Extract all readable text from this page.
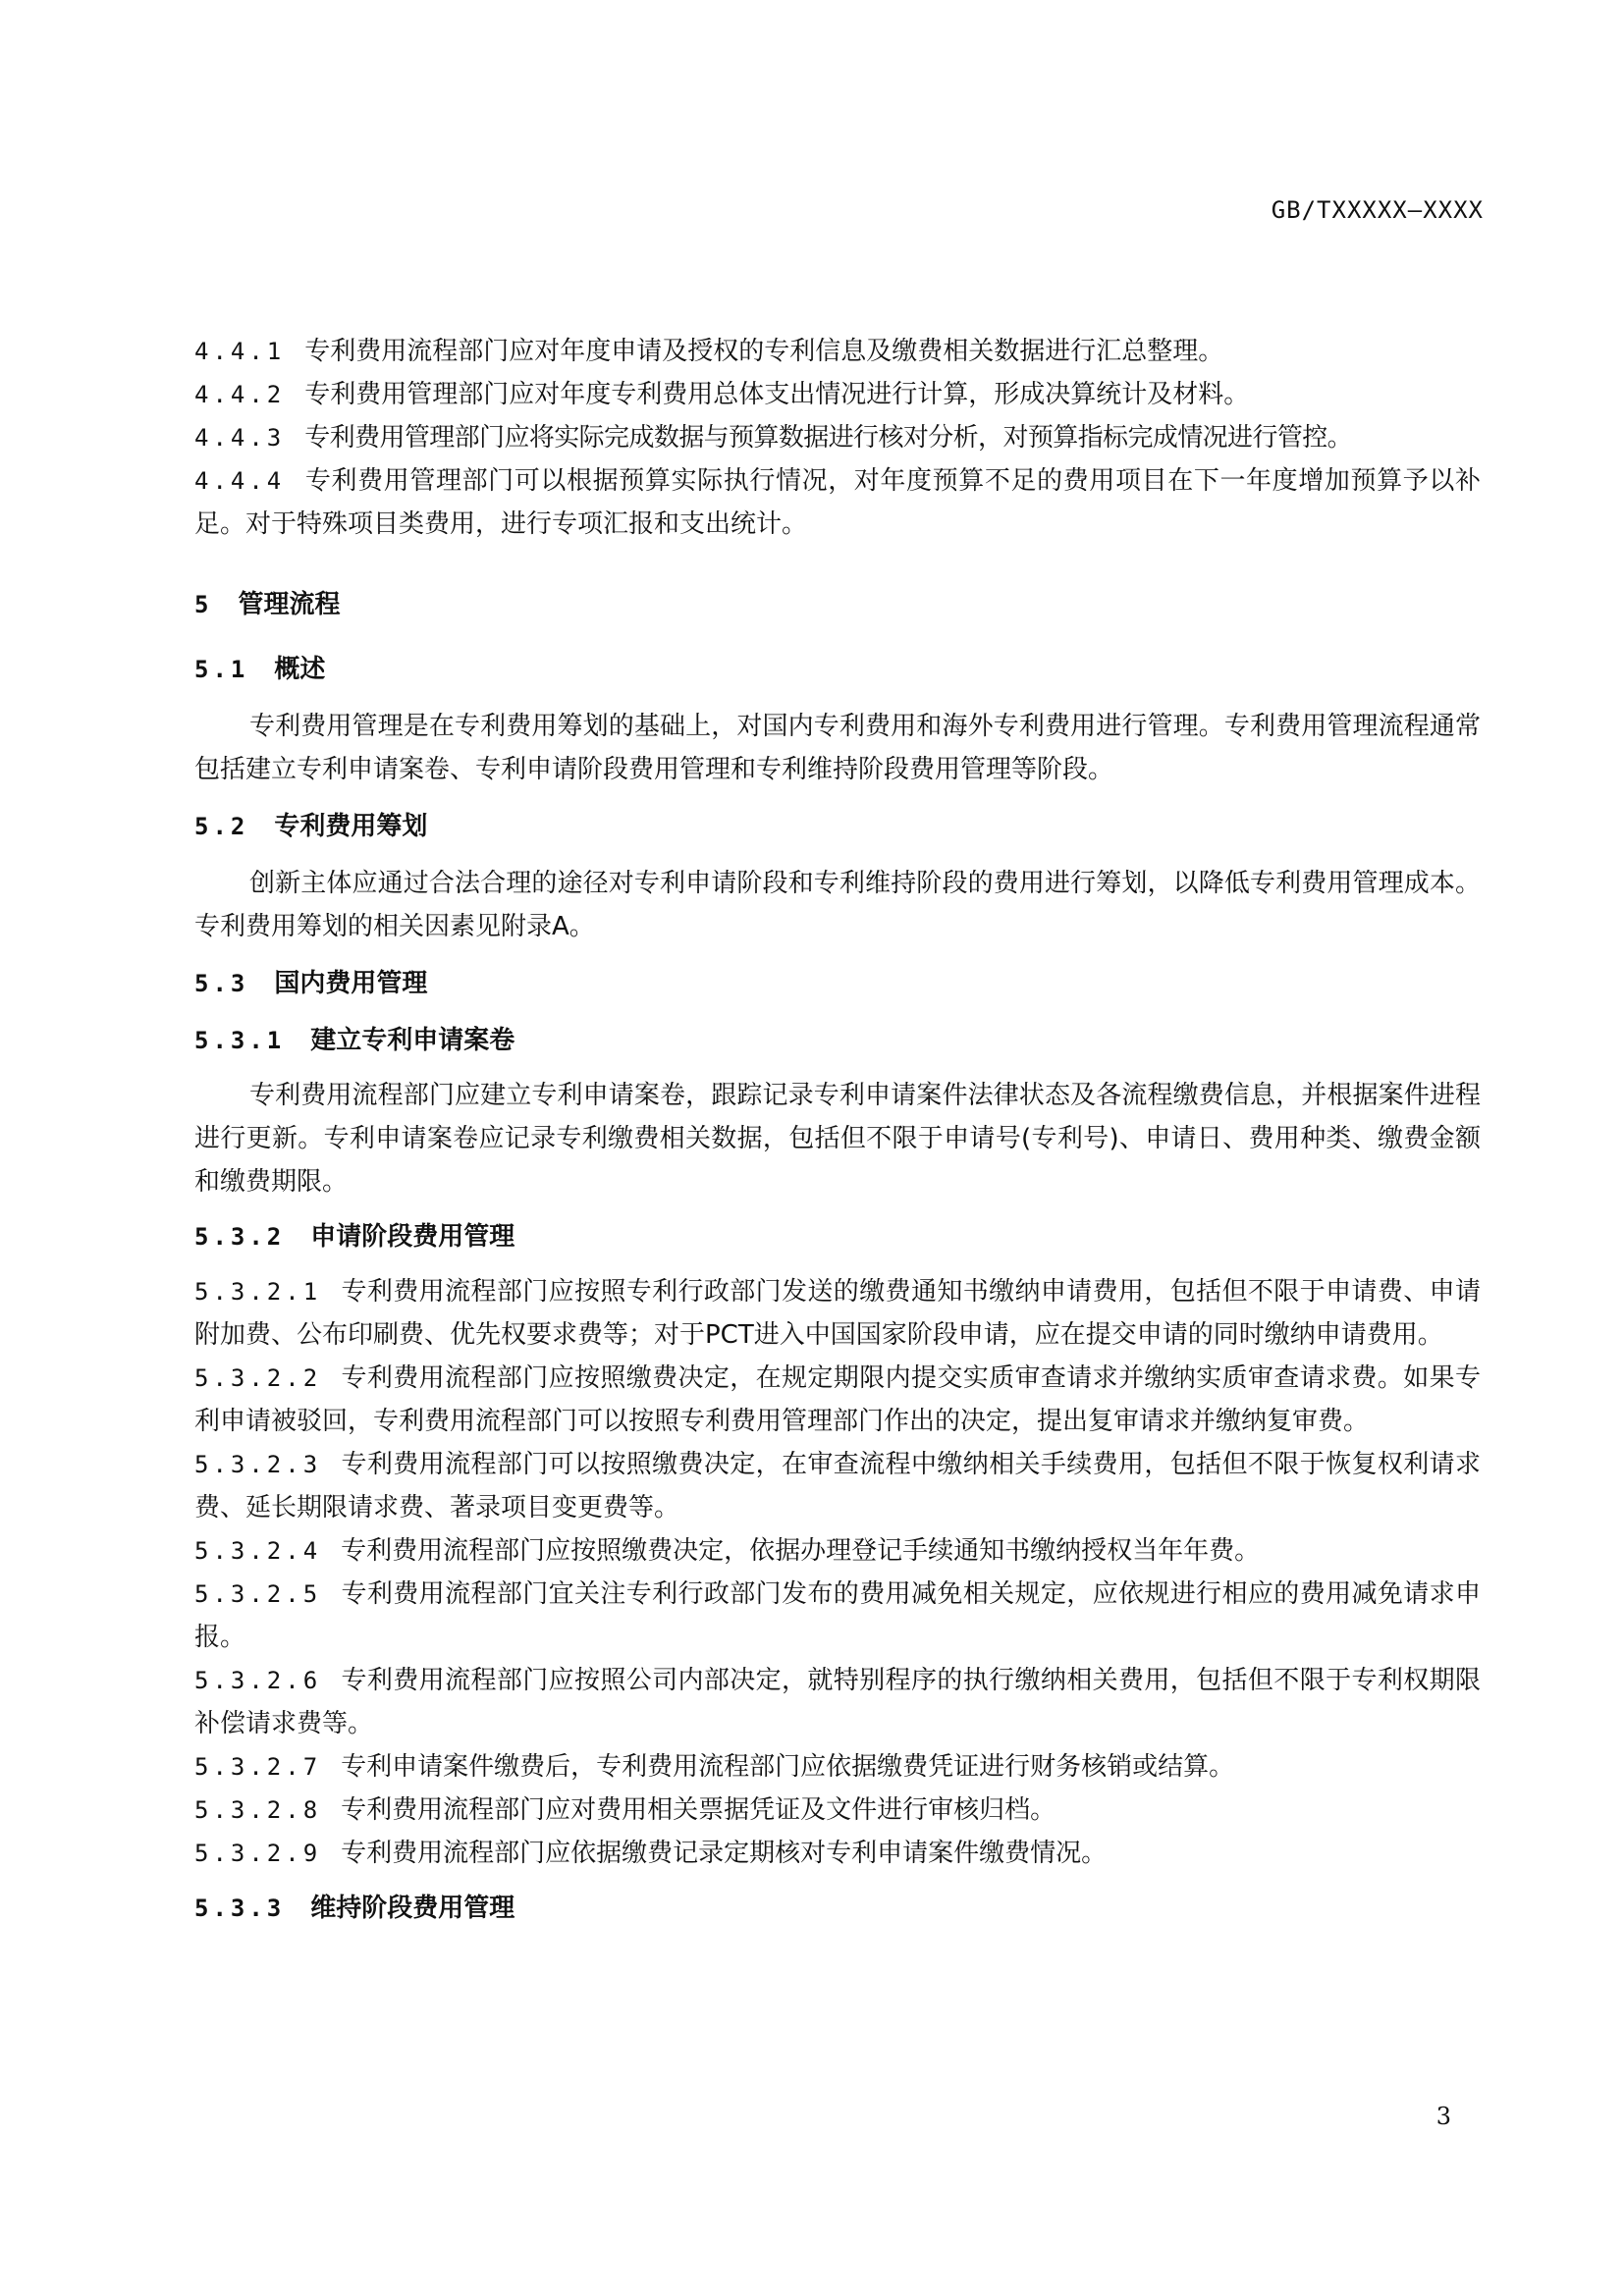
GB/TXXXXX—XXXX

4.4.1 专利费用流程部门应对年度申请及授权的专利信息及缴费相关数据进行汇总整理。

4.4.2 专利费用管理部门应对年度专利费用总体支出情况进行计算，形成决算统计及材料。

4.4.3 专利费用管理部门应将实际完成数据与预算数据进行核对分析，对预算指标完成情况进行管控。

4.4.4 专利费用管理部门可以根据预算实际执行情况，对年度预算不足的费用项目在下一年度增加预算予以补足。对于特殊项目类费用，进行专项汇报和支出统计。

5 管理流程

5.1 概述

专利费用管理是在专利费用筹划的基础上，对国内专利费用和海外专利费用进行管理。专利费用管理流程通常包括建立专利申请案卷、专利申请阶段费用管理和专利维持阶段费用管理等阶段。

5.2 专利费用筹划

创新主体应通过合法合理的途径对专利申请阶段和专利维持阶段的费用进行筹划，以降低专利费用管理成本。专利费用筹划的相关因素见附录A。

5.3 国内费用管理

5.3.1 建立专利申请案卷

专利费用流程部门应建立专利申请案卷，跟踪记录专利申请案件法律状态及各流程缴费信息，并根据案件进程进行更新。专利申请案卷应记录专利缴费相关数据，包括但不限于申请号(专利号)、申请日、费用种类、缴费金额和缴费期限。

5.3.2 申请阶段费用管理

5.3.2.1 专利费用流程部门应按照专利行政部门发送的缴费通知书缴纳申请费用，包括但不限于申请费、申请附加费、公布印刷费、优先权要求费等；对于PCT进入中国国家阶段申请，应在提交申请的同时缴纳申请费用。

5.3.2.2 专利费用流程部门应按照缴费决定，在规定期限内提交实质审查请求并缴纳实质审查请求费。如果专利申请被驳回，专利费用流程部门可以按照专利费用管理部门作出的决定，提出复审请求并缴纳复审费。

5.3.2.3 专利费用流程部门可以按照缴费决定，在审查流程中缴纳相关手续费用，包括但不限于恢复权利请求费、延长期限请求费、著录项目变更费等。

5.3.2.4 专利费用流程部门应按照缴费决定，依据办理登记手续通知书缴纳授权当年年费。

5.3.2.5 专利费用流程部门宜关注专利行政部门发布的费用减免相关规定，应依规进行相应的费用减免请求申报。

5.3.2.6 专利费用流程部门应按照公司内部决定，就特别程序的执行缴纳相关费用，包括但不限于专利权期限补偿请求费等。

5.3.2.7 专利申请案件缴费后，专利费用流程部门应依据缴费凭证进行财务核销或结算。

5.3.2.8 专利费用流程部门应对费用相关票据凭证及文件进行审核归档。

5.3.2.9 专利费用流程部门应依据缴费记录定期核对专利申请案件缴费情况。

5.3.3 维持阶段费用管理

3
